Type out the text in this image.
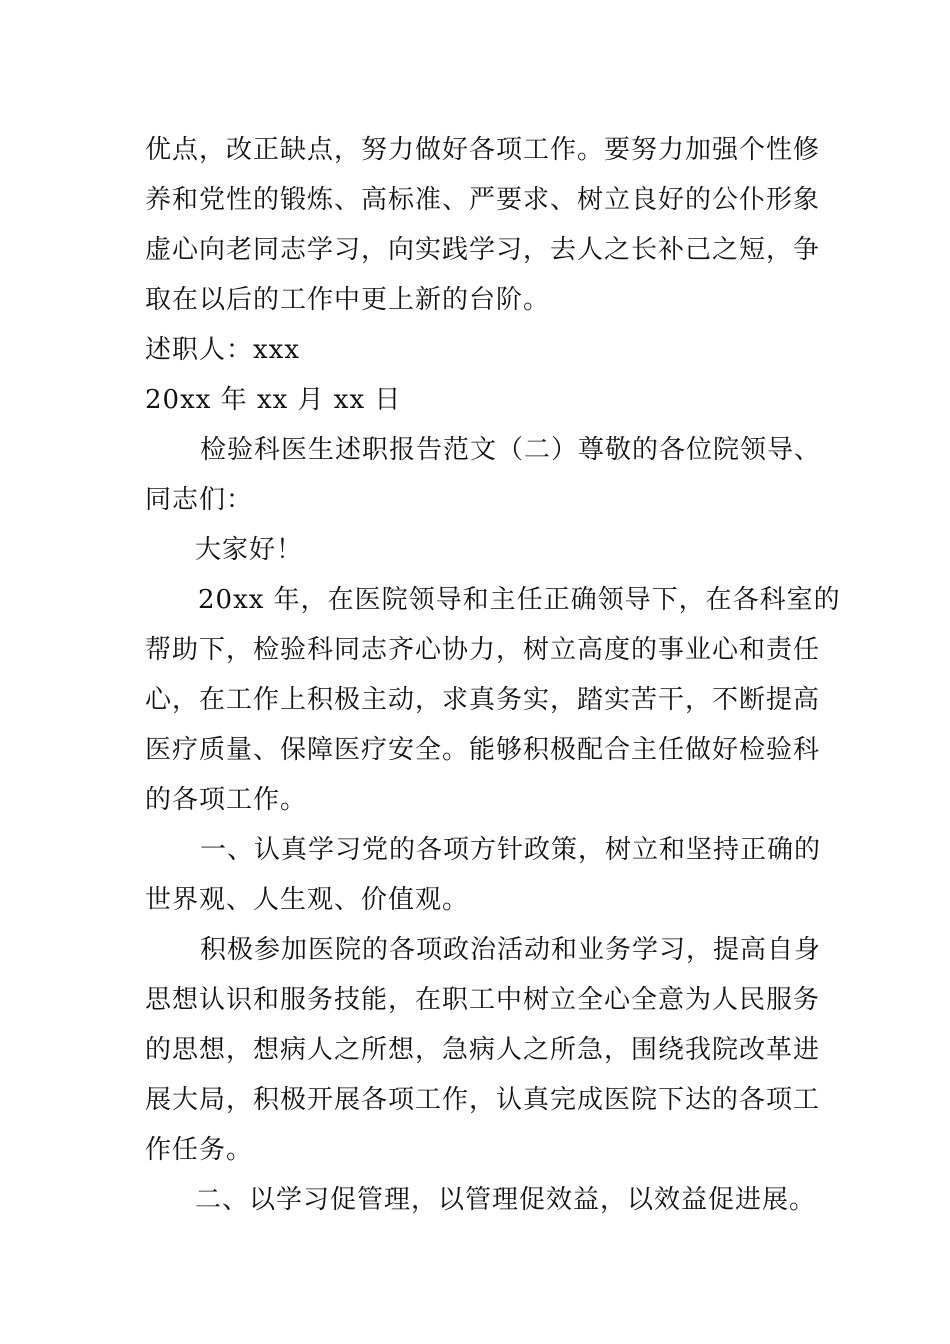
优点，改正缺点，努力做好各项工作。要努力加强个性修
养和党性的锻炼、高标准、严要求、树立良好的公仆形象
虚心向老同志学习，向实践学习，去人之长补己之短，争
取在以后的工作中更上新的台阶。
述职人：xxx
20xx 年 xx 月 xx 日
检验科医生述职报告范文（二）尊敬的各位院领导、
同志们：
大家好！
20xx 年，在医院领导和主任正确领导下，在各科室的
帮助下，检验科同志齐心协力，树立高度的事业心和责任
心，在工作上积极主动，求真务实，踏实苦干，不断提高
医疗质量、保障医疗安全。能够积极配合主任做好检验科
的各项工作。
一、认真学习党的各项方针政策，树立和坚持正确的
世界观、人生观、价值观。
积极参加医院的各项政治活动和业务学习，提高自身
思想认识和服务技能，在职工中树立全心全意为人民服务
的思想，想病人之所想，急病人之所急，围绕我院改革进
展大局，积极开展各项工作，认真完成医院下达的各项工
作任务。
二、以学习促管理，以管理促效益，以效益促进展。
